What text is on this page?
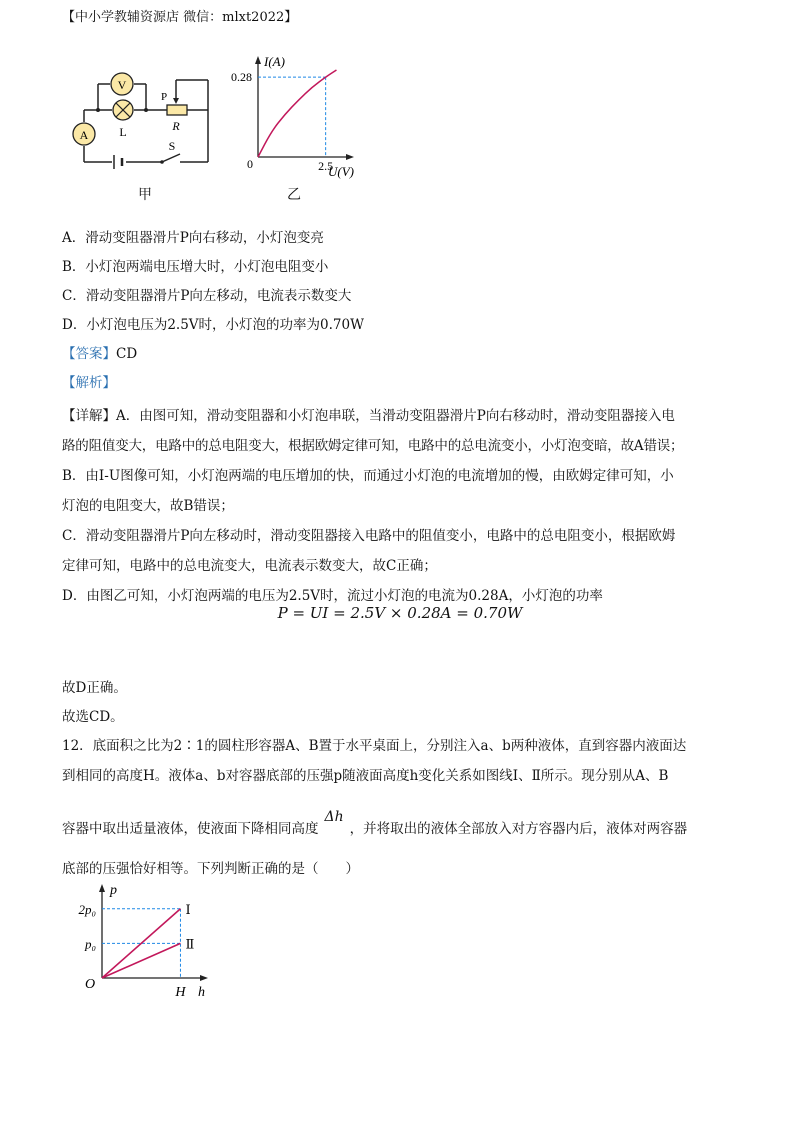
【中小学教辅资源店 微信：mlxt2022】
V
L
P
R
A
S
甲
I(A)
U(V)
0
0.28
2.5
乙
A．滑动变阻器滑片P向右移动，小灯泡变亮
B．小灯泡两端电压增大时，小灯泡电阻变小
C．滑动变阻器滑片P向左移动，电流表示数变大
D．小灯泡电压为2.5V时，小灯泡的功率为0.70W
【答案】CD
【解析】
【详解】A．由图可知，滑动变阻器和小灯泡串联，当滑动变阻器滑片P向右移动时，滑动变阻器接入电
路的阻值变大，电路中的总电阻变大，根据欧姆定律可知，电路中的总电流变小，小灯泡变暗，故A错误；
B．由I-U图像可知，小灯泡两端的电压增加的快，而通过小灯泡的电流增加的慢，由欧姆定律可知，小
灯泡的电阻变大，故B错误；
C．滑动变阻器滑片P向左移动时，滑动变阻器接入电路中的阻值变小，电路中的总电阻变小，根据欧姆
定律可知，电路中的总电流变大，电流表示数变大，故C正确；
D．由图乙可知，小灯泡两端的电压为2.5V时，流过小灯泡的电流为0.28A，小灯泡的功率
P = UI = 2.5V × 0.28A = 0.70W
故D正确。
故选CD。
12．底面积之比为2∶1的圆柱形容器A、B置于水平桌面上，分别注入a、b两种液体，直到容器内液面达
到相同的高度H。液体a、b对容器底部的压强p随液面高度h变化关系如图线Ⅰ、Ⅱ所示。现分别从A、B
容器中取出适量液体，使液面下降相同高度Δh，并将取出的液体全部放入对方容器内后，液体对两容器
底部的压强恰好相等。下列判断正确的是（　　）
p
h
O
2p₀
p₀
H
Ⅰ
Ⅱ
